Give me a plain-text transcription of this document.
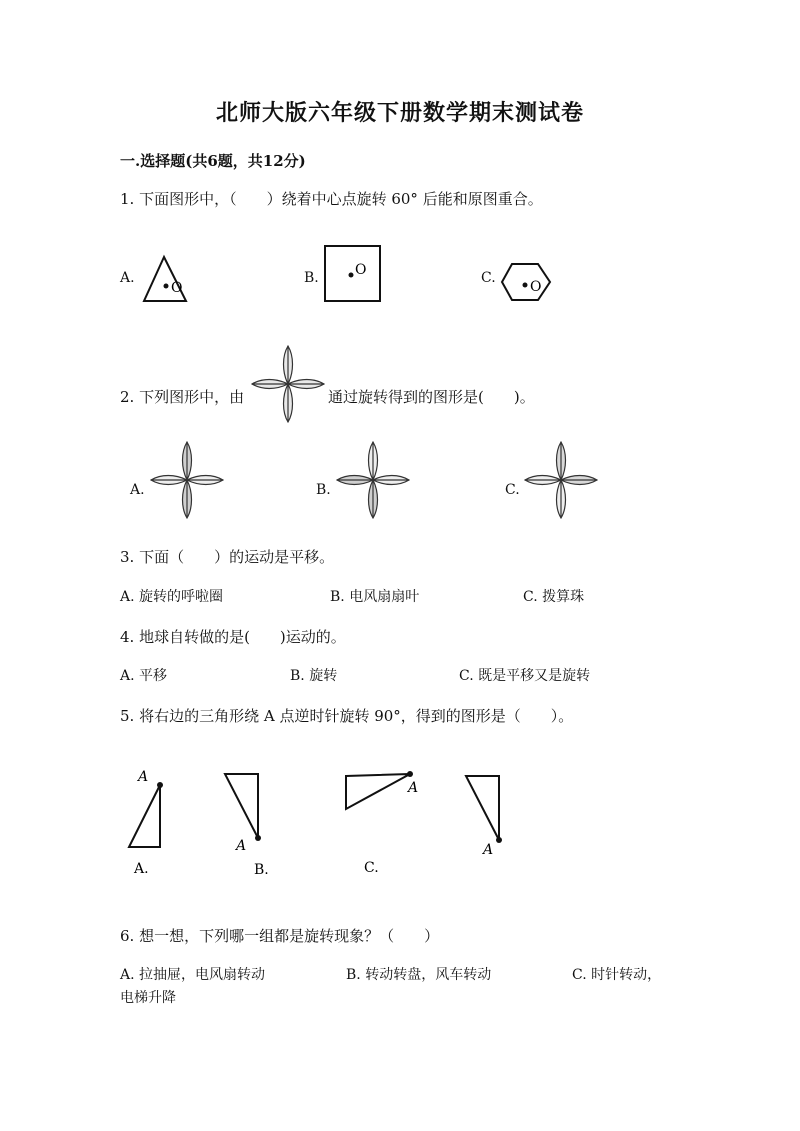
北师大版六年级下册数学期末测试卷
一.选择题(共6题，共12分)
1. 下面图形中，（　　）绕着中心点旋转 60° 后能和原图重合。
A.
O
B.	O	C.
O
2. 下列图形中，由	通过旋转得到的图形是(　　)。
A.	B.	C.
3. 下面（　　）的运动是平移。
A. 旋转的呼啦圈	B. 电风扇扇叶	C. 拨算珠
4. 地球自转做的是(　　)运动的。
A. 平移	B. 旋转	C. 既是平移又是旋转
5. 将右边的三角形绕 A 点逆时针旋转 90°，得到的图形是（　　）。
A
A.
A
B.
A
C.
A
6. 想一想，下列哪一组都是旋转现象？（　　）
A. 拉抽屉，电风扇转动	B. 转动转盘，风车转动	C. 时针转动，
电梯升降
